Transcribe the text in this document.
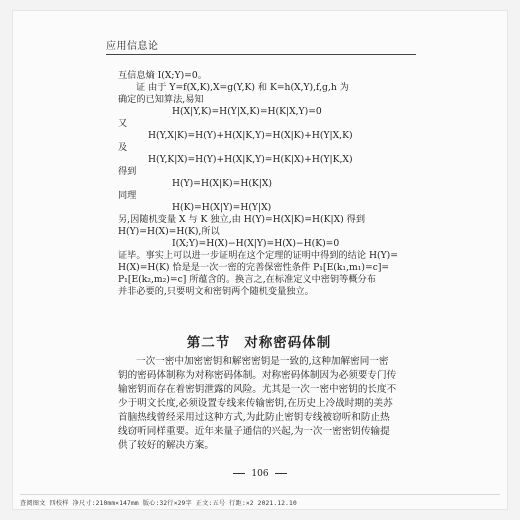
应用信息论
互信息熵 I(X;Y)=0。
证 由于 Y=f(X,K),X=g(Y,K) 和 K=h(X,Y),f,g,h 为
确定的已知算法,易知
H(X|Y,K)=H(Y|X,K)=H(K|X,Y)=0
又
H(Y,X|K)=H(Y)+H(X|K,Y)=H(X|K)+H(Y|X,K)
及
H(Y,K|X)=H(Y)+H(X|K,Y)=H(K|X)+H(Y|K,X)
得到
H(Y)=H(X|K)=H(K|X)
同理
H(K)=H(X|Y)=H(Y|X)
另,因随机变量 X 与 K 独立,由 H(Y)=H(X|K)=H(K|X) 得到
H(Y)=H(X)=H(K),所以
I(X;Y)=H(X)−H(X|Y)=H(X)−H(K)=0
证毕。事实上可以进一步证明在这个定理的证明中得到的结论 H(Y)=
H(X)=H(K) 恰是是一次一密的完善保密性条件 P₁[E(k₁,m₁)=c]=
P₁[E(k₂,m₂)=c] 所蕴含的。换言之,在标准定义中密钥等概分布
并非必要的,只要明文和密钥两个随机变量独立。
第二节 对称密码体制
一次一密中加密密钥和解密密钥是一致的,这种加解密同一密
钥的密码体制称为对称密码体制。对称密码体制因为必须要专门传
输密钥而存在着密钥泄露的风险。尤其是一次一密中密钥的长度不
少于明文长度,必须设置专线来传输密钥,在历史上冷战时期的美苏
首脑热线曾经采用过这种方式,为此防止密钥专线被窃听和防止热
线窃听同样重要。近年来量子通信的兴起,为一次一密密钥传输提
供了较好的解决方案。
106
查阅图文 四校样 净尺寸:210mm×147mm 版心:32行×29字 正文:五号 行距:×2 2021.12.10
